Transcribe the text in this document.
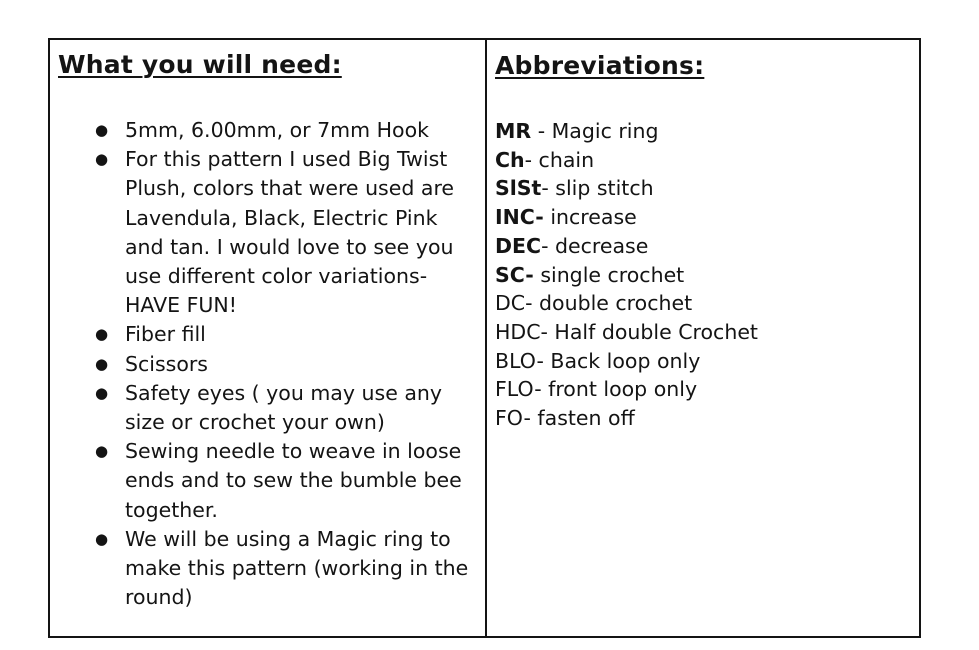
What you will need:
● 5mm, 6.00mm, or 7mm Hook
● For this pattern I used Big Twist Plush, colors that were used are Lavendula, Black, Electric Pink and tan. I would love to see you use different color variations-HAVE FUN!
● Fiber fill
● Scissors
● Safety eyes ( you may use any size or crochet your own)
● Sewing needle to weave in loose ends and to sew the bumble bee together.
● We will be using a Magic ring to make this pattern (working in the round)
Abbreviations:
MR - Magic ring
Ch- chain
SlSt- slip stitch
INC- increase
DEC- decrease
SC- single crochet
DC- double crochet
HDC- Half double Crochet
BLO- Back loop only
FLO- front loop only
FO- fasten off
